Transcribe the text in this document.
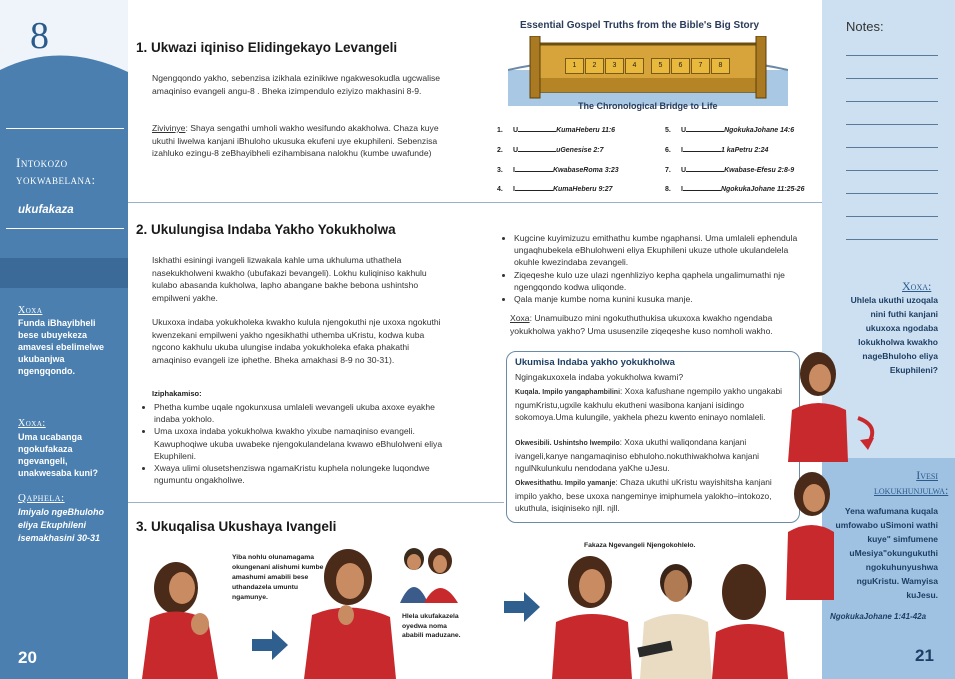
8
Intokozo
yokwabelana:
ukufakaza
Xoxa
Funda iBhayibheli bese ubuyekeza amavesi ebelimelwe ukubanjwa ngengqondo.
Xoxa:
Uma ucabanga ngokufakaza ngevangeli, unakwesaba kuni?
Qaphela:
Imiyalo ngeBhuloho eliya Ekuphileni isemakhasini 30-31
20
1. Ukwazi iqiniso Elidingekayo Levangeli
Ngengqondo yakho, sebenzisa izikhala ezinikiwe ngakwesokudla ugcwalise amaqiniso evangeli angu-8 . Bheka izimpendulo eziyizo makhasini 8-9.
Zivivinye: Shaya sengathi umholi wakho wesifundo akakholwa. Chaza kuye ukuthi liwelwa kanjani iBhuloho ukusuka ekufeni uye ekuphileni. Sebenzisa izahluko ezingu-8 zeBhayibheli ezihambisana nalokhu (kumbe uwafunde)
Essential Gospel Truths from the Bible's Big Story
1	2	3	4	5	6	7	8
The Chronological Bridge to Life
1. U	KumaHeberu 11:6
2. U	uGenesise 2:7
3. I	KwabaseRoma 3:23
4. I	KumaHeberu 9:27
5. U	NgokukaJohane 14:6
6. I	1 kaPetru 2:24
7. U	Kwabase-Efesu 2:8-9
8. I	NgokukaJohane 11:25-26
2. Ukulungisa Indaba Yakho Yokukholwa
Iskhathi esiningi ivangeli lizwakala kahle uma ukhuluma uthathela nasekukholweni kwakho (ubufakazi bevangeli). Lokhu kuliqiniso kakhulu kulabo abasanda kukholwa, lapho abangane bakhe bebona ushintsho empilweni yakhe.
Ukuxoxa indaba yokukholeka kwakho kulula njengokuthi nje uxoxa ngokuthi kwenzekani empilweni yakho ngesikhathi uthemba uKristu, kodwa kuba ngcono kakhulu ukuba ulungise indaba yokukholeka efaka phakathi amaqiniso evangeli ize iphethe. Bheka amakhasi 8-9 no 30-31).
Iziphakamiso:
• Phetha kumbe uqale ngokunxusa umlaleli wevangeli ukuba axoxe eyakhe indaba yokholo.
• Uma uxoxa indaba yokukholwa kwakho yixube namaqiniso evangeli. Kawuphoqiwe ukuba uwabeke njengokulandelana kwawo eBhulolweni eliya Ekuphileni.
• Xwaya ulimi olusetshenziswa ngamaKristu kuphela nolungeke luqondwe ngumuntu ongakholiwe.
• Kugcine kuyimizuzu emithathu kumbe ngaphansi. Uma umlaleli ephendula ungaqhubekela eBhulohweni eliya Ekuphileni ukuze uthole ukulandelela okuhle kwezindaba zevangeli.
• Ziqeqeshe kulo uze ulazi ngenhliziyo kepha qaphela ungalimumathi nje ngengqondo kodwa uliqonde.
• Qala manje kumbe noma kunini kusuka manje.
Xoxa: Unamuibuzo mini ngokuthuthukisa ukuxoxa kwakho ngendaba yokukholwa yakho? Uma ususenzile ziqeqeshe kuso nomholi wakho.
Ukumisa Indaba yakho yokukholwa
Ngingakuxoxela indaba yokukholwa kwami?
Kuqala. Impilo yangaphambilini: Xoxa kafushane ngempilo yakho ungakabi ngumKristu,ugxile kakhulu ekutheni wasibona kanjani isidingo sokomoya.Uma kulungile, yakhela phezu kwento eninayo nomlaleli.
Okwesibili. Ushintsho lwempilo: Xoxa ukuthi waliqondana kanjani ivangeli,kanye nangamaqiniso ebhuloho.nokuthiwakholwa kanjani ngulNkulunkulu nendodana yaKhe uJesu.
Okwesithathu. Impilo yamanje: Chaza ukuthi uKristu wayishitsha kanjani impilo yakho, bese uxoxa nangeminye imiphumela yalokho–intokozo, ukuthula, isiqiniseko njll. njll.
3. Ukuqalisa Ukushaya Ivangeli
Yiba nohlu olunamagama okungenani alishumi kumbe amashumi amabili bese uthandazela umuntu ngamunye.
Hlela ukufakazela oyedwa noma ababili maduzane.
Fakaza Ngevangeli Njengokohlelo.
Notes:
Xoxa:
Uhlela ukuthi uzoqala nini futhi kanjani ukuxoxa ngodaba lokukholwa kwakho nageBhuloho eliya Ekuphileni?
Ivesi lokukhunjulwa:
Yena wafumana kuqala umfowabo uSimoni wathi kuye" simfumene uMesiya"okungukuthi ngokuhunyushwa nguKristu. Wamyisa kuJesu.
NgokukaJohane 1:41-42a
21
